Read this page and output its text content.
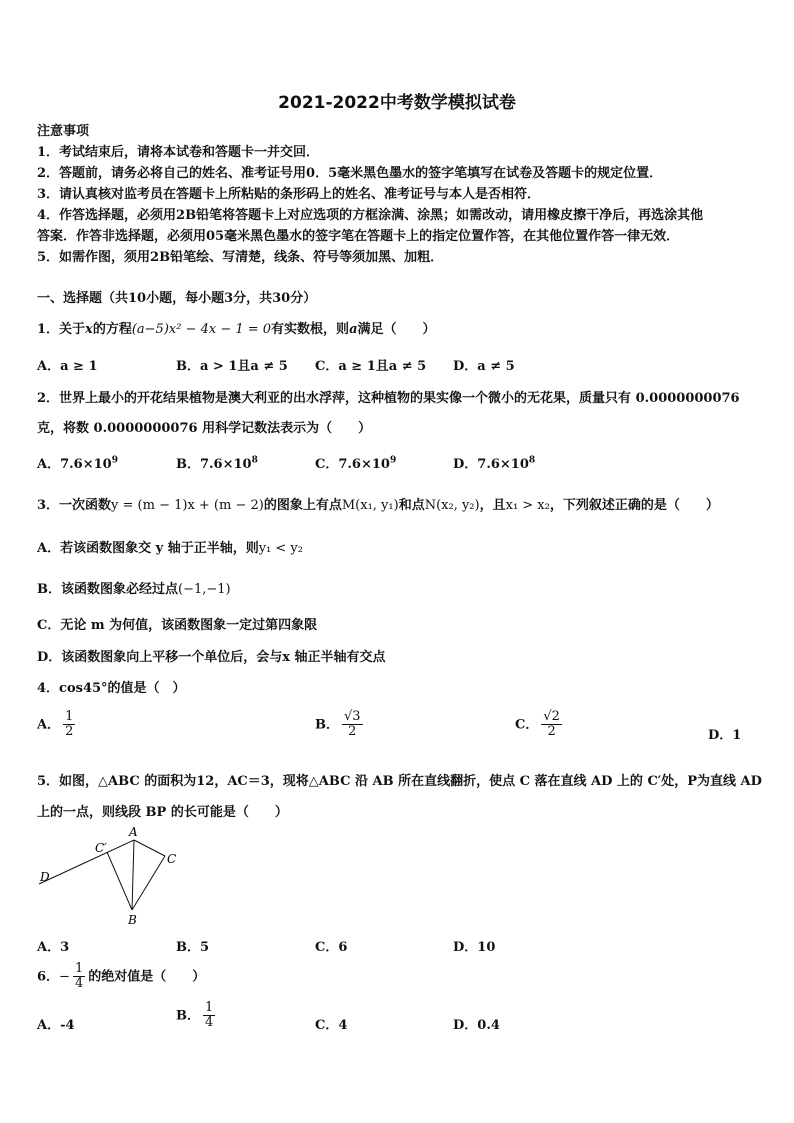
2021-2022中考数学模拟试卷
注意事项
1．考试结束后，请将本试卷和答题卡一并交回．
2．答题前，请务必将自己的姓名、准考证号用0．5毫米黑色墨水的签字笔填写在试卷及答题卡的规定位置．
3．请认真核对监考员在答题卡上所粘贴的条形码上的姓名、准考证号与本人是否相符．
4．作答选择题，必须用2B铅笔将答题卡上对应选项的方框涂满、涂黑；如需改动，请用橡皮擦干净后，再选涂其他
答案．作答非选择题，必须用05毫米黑色墨水的签字笔在答题卡上的指定位置作答，在其他位置作答一律无效．
5．如需作图，须用2B铅笔绘、写清楚，线条、符号等须加黑、加粗．
一、选择题（共10小题，每小题3分，共30分）
1．关于x的方程(a−5)x² − 4x − 1 = 0有实数根，则a满足（　　）
A．a ≥ 1	B．a > 1且a ≠ 5 C．a ≥ 1且a ≠ 5 D．a ≠ 5
2．世界上最小的开花结果植物是澳大利亚的出水浮萍，这种植物的果实像一个微小的无花果，质量只有 0.0000000076
克，将数 0.0000000076 用科学记数法表示为（　　）
A．$7.6\times 10^9$	B．$7.6\times 10^8$	C．$7.6\times 10^9$	D．$7.6\times 10^8$
3．一次函数y = (m − 1)x + (m − 2)的图象上有点M(x₁, y₁)和点N(x₂, y₂)，且x₁ > x₂，下列叙述正确的是（　　）
A．若该函数图象交 y 轴于正半轴，则y₁ < y₂
B．该函数图象必经过点(−1,−1)
C．无论 m 为何值，该函数图象一定过第四象限
D．该函数图象向上平移一个单位后，会与x 轴正半轴有交点
4．cos45°的值是（　）
A． $\frac{1}{2}$	B． $\frac{√3}{2}$	C． $\frac{√2}{2}$	D．1
5．如图，△ABC 的面积为12，AC＝3，现将△ABC 沿 AB 所在直线翻折，使点 C 落在直线 AD 上的 C′处，P为直线 AD
上的一点，则线段 BP 的长可能是（　　）
A
B
C
C′
D
A．3	B．5	C．6	D．10
6．− $\frac{1}{4}$ 的绝对值是（　　）
A．-4
B． $\frac{1}{4}$	C．4	D．0.4
